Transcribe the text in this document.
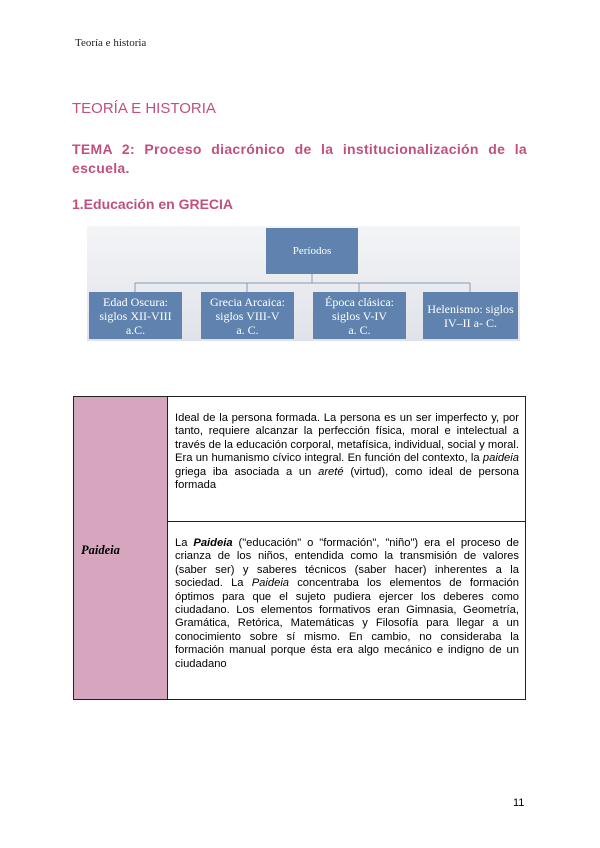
Teoría e historia
TEORÍA E HISTORIA
TEMA 2: Proceso diacrónico de la institucionalización de la escuela.
1.Educación en GRECIA
Períodos
Edad Oscura:
siglos XII-VIII
a.C.
Grecia Arcaica:
siglos VIII-V
a. C.
Época clásica:
siglos V-IV
a. C.
Helenismo: siglos
IV–II a- C.
Paideia

Ideal de la persona formada. La persona es un ser imperfecto y, por tanto, requiere alcanzar la perfección física, moral e intelectual a través de la educación corporal, metafísica, individual, social y moral. Era un humanismo cívico integral. En función del contexto, la paideia griega iba asociada a un areté (virtud), como ideal de persona formada

La Paideia ("educación" o "formación", "niño") era el proceso de crianza de los niños, entendida como la transmisión de valores (saber ser) y saberes técnicos (saber hacer) inherentes a la sociedad. La Paideia concentraba los elementos de formación óptimos para que el sujeto pudiera ejercer los deberes como ciudadano. Los elementos formativos eran Gimnasia, Geometría, Gramática, Retórica, Matemáticas y Filosofía para llegar a un conocimiento sobre sí mismo. En cambio, no consideraba la formación manual porque ésta era algo mecánico e indigno de un ciudadano
11
